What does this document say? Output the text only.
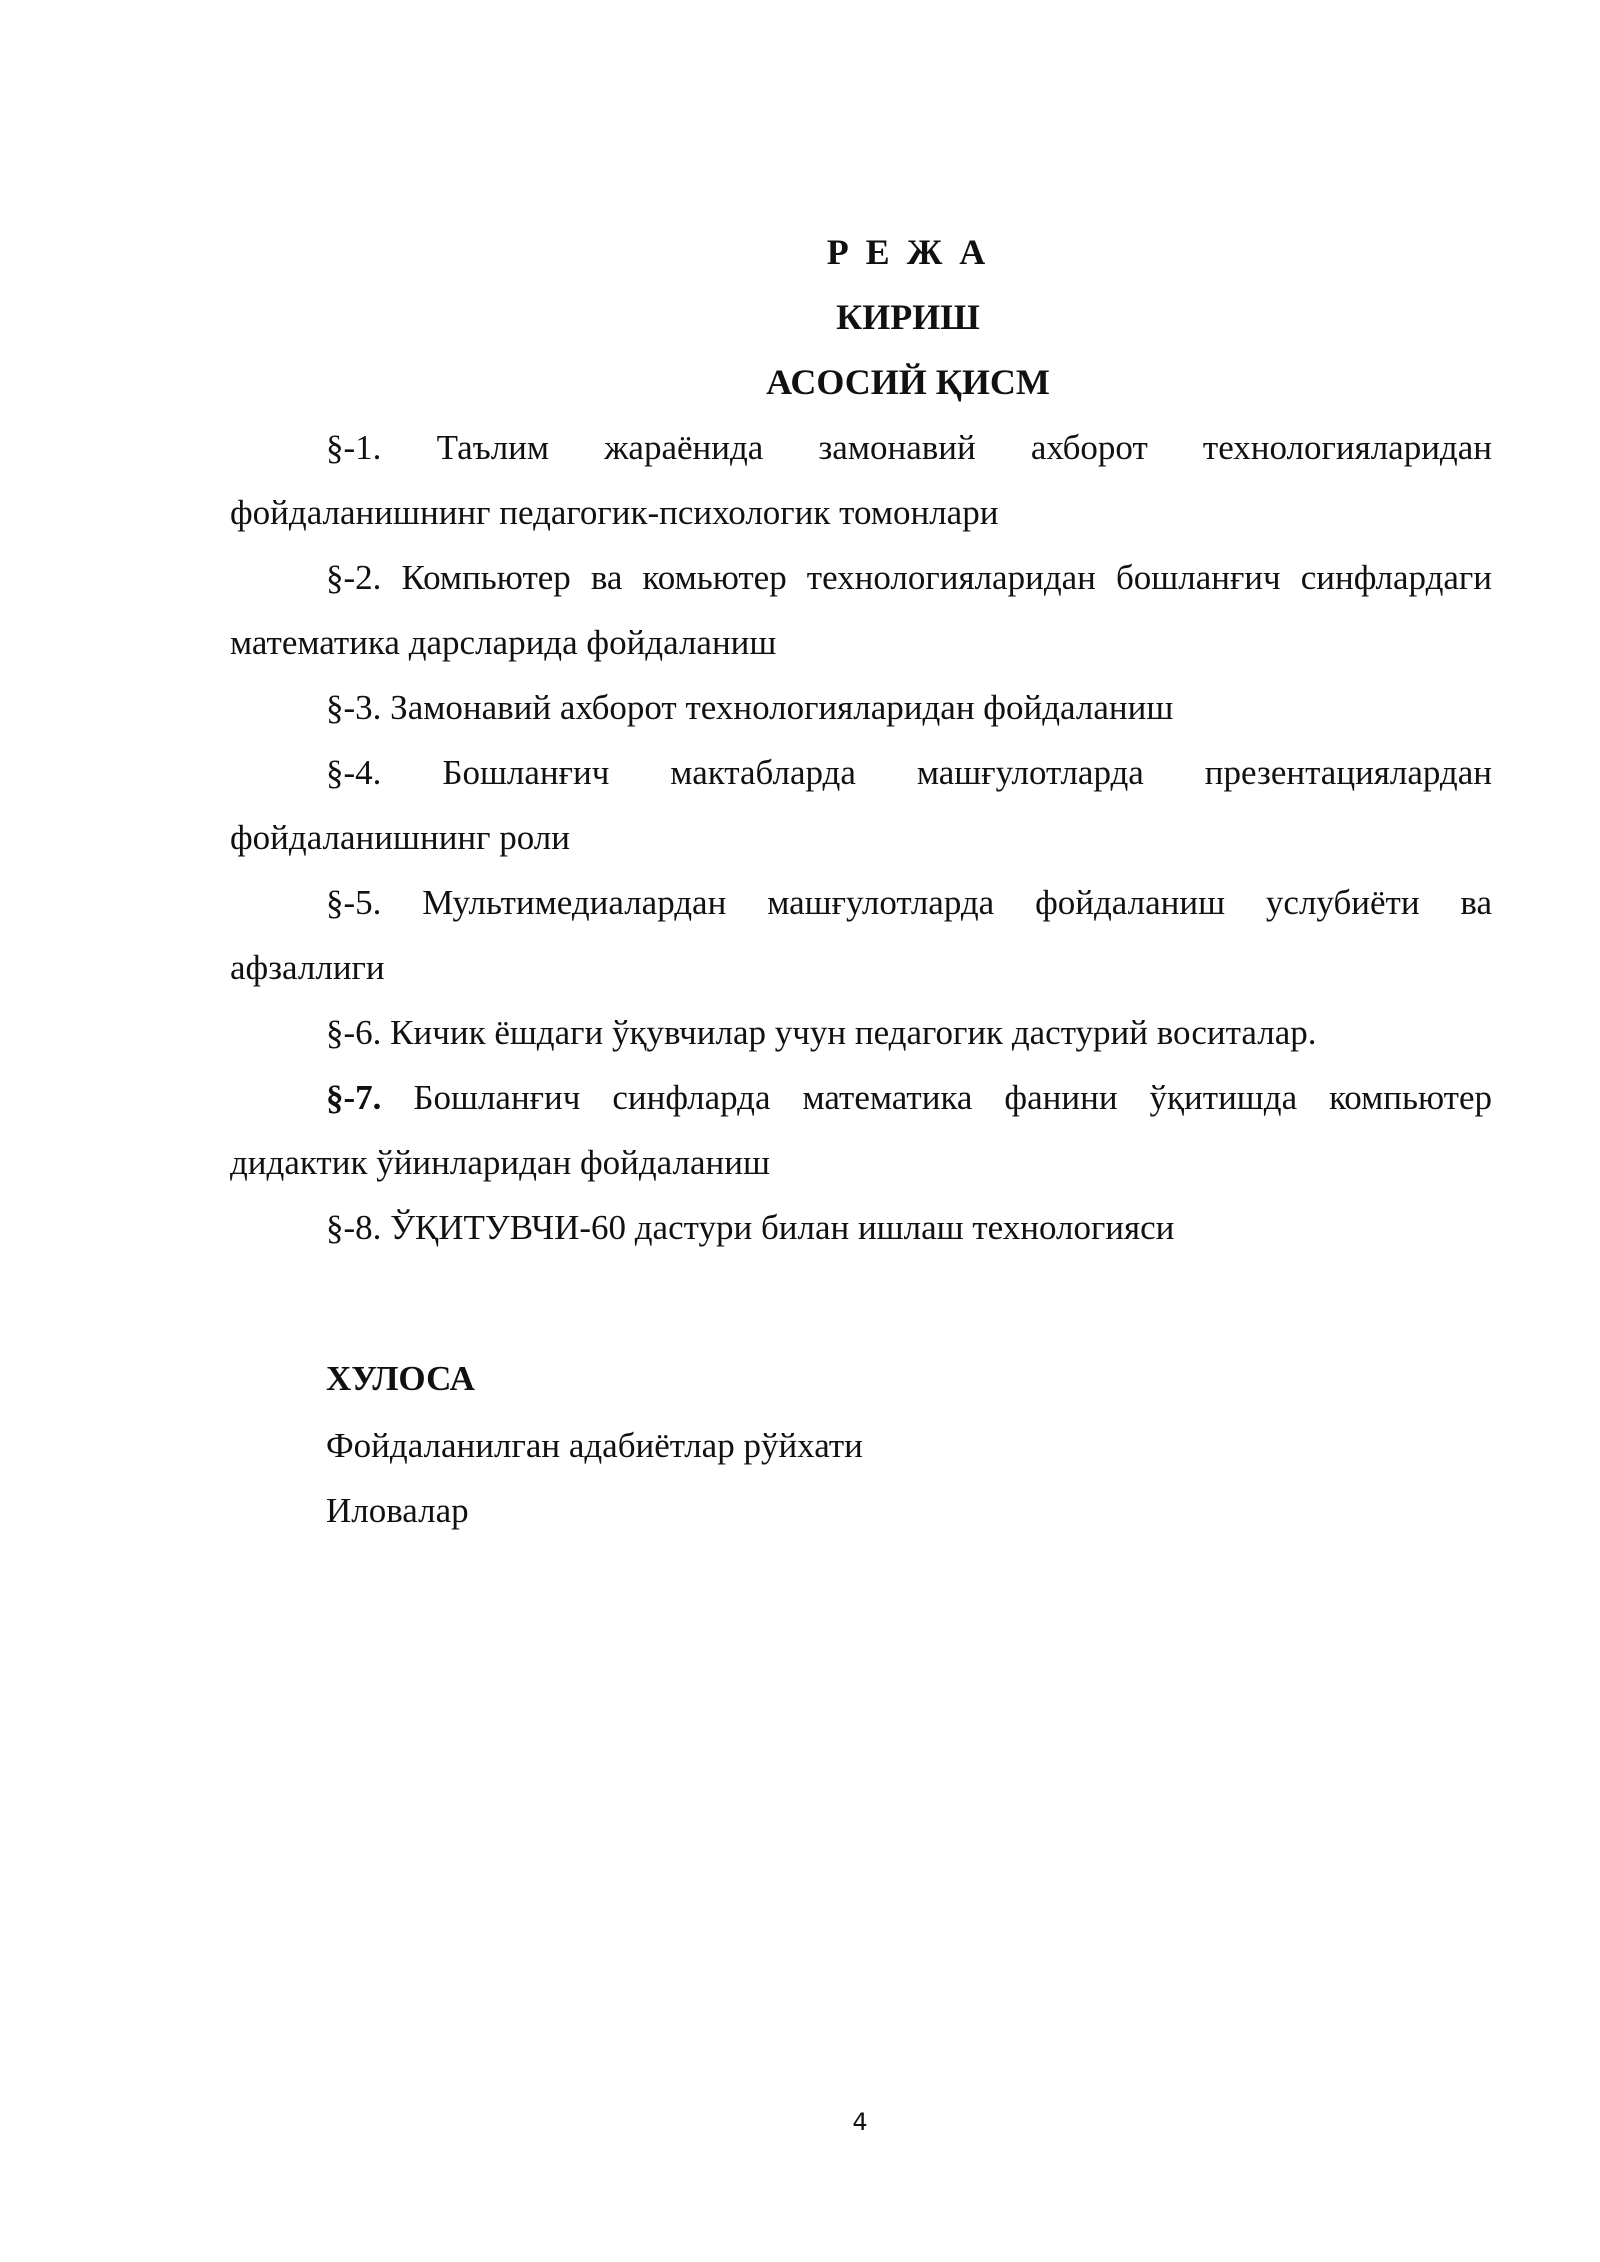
Р Е Ж А
КИРИШ
АСОСИЙ ҚИСМ

§-1. Таълим жараёнида замонавий ахборот технологияларидан фойдаланишнинг педагогик-психологик томонлари

§-2. Компьютер ва комьютер технологияларидан бошланғич синфлардаги математика дарсларида фойдаланиш

§-3. Замонавий ахборот технологияларидан фойдаланиш

§-4. Бошланғич мактабларда машғулотларда презентациялардан фойдаланишнинг роли

§-5. Мультимедиалардан машғулотларда фойдаланиш услубиёти ва афзаллиги

§-6. Кичик ёшдаги ўқувчилар учун педагогик дастурий воситалар.

§-7. Бошланғич синфларда математика фанини ўқитишда компьютер дидактик ўйинларидан фойдаланиш

§-8. ЎҚИТУВЧИ-60 дастури билан ишлаш технологияси

ХУЛОСА

Фойдаланилган адабиётлар рўйхати

Иловалар

4
